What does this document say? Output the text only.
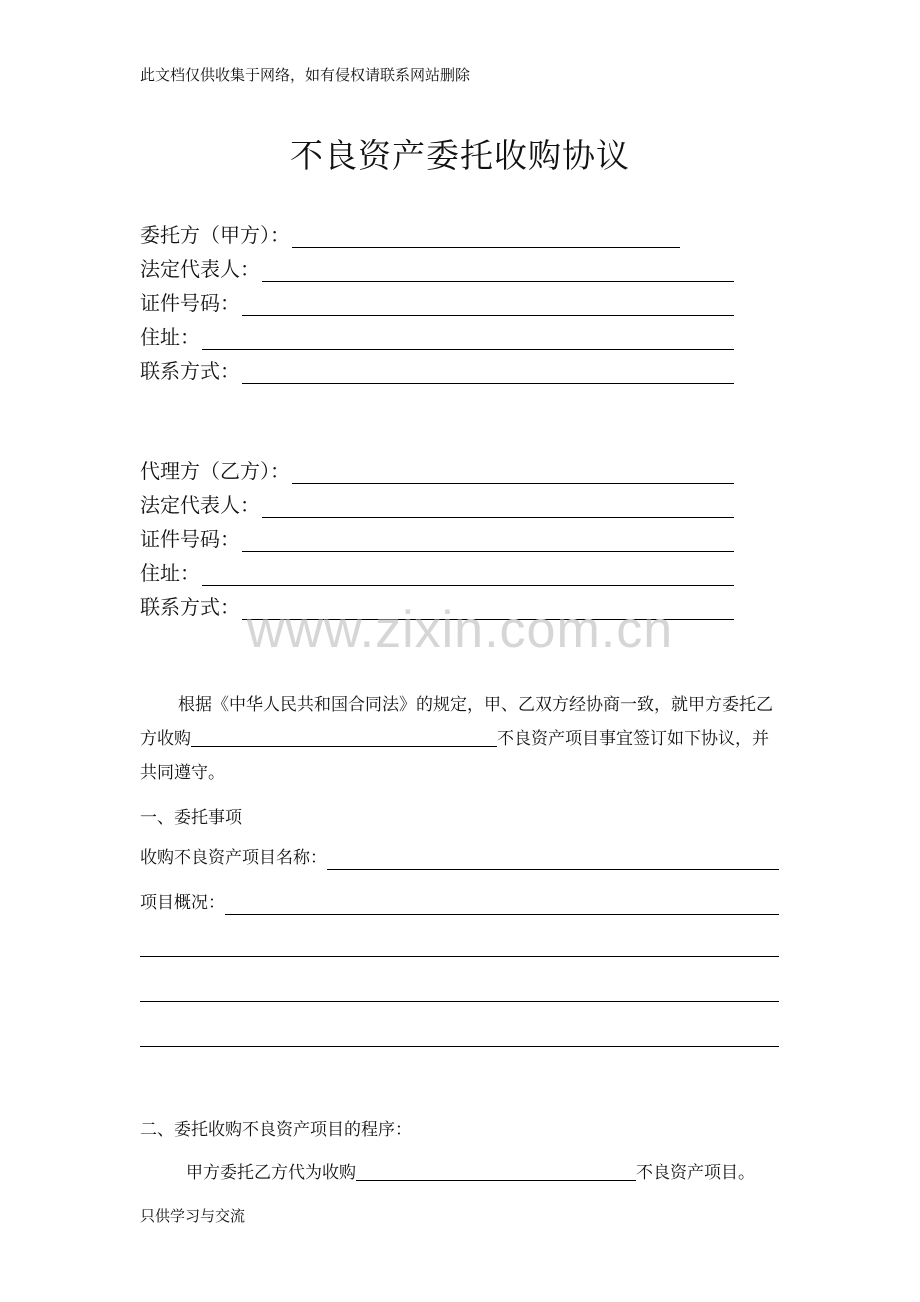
此文档仅供收集于网络，如有侵权请联系网站删除
不良资产委托收购协议
委托方（甲方）：
法定代表人：
证件号码：
住址：
联系方式：
代理方（乙方）：
法定代表人：
证件号码：
住址：
联系方式： www.zixin.com.cn
根据《中华人民共和国合同法》的规定，甲、乙双方经协商一致，就甲方委托乙方收购	不良资产项目事宜签订如下协议，并共同遵守。
一、委托事项
收购不良资产项目名称：
项目概况：
二、委托收购不良资产项目的程序：
甲方委托乙方代为收购	不良资产项目。
只供学习与交流
